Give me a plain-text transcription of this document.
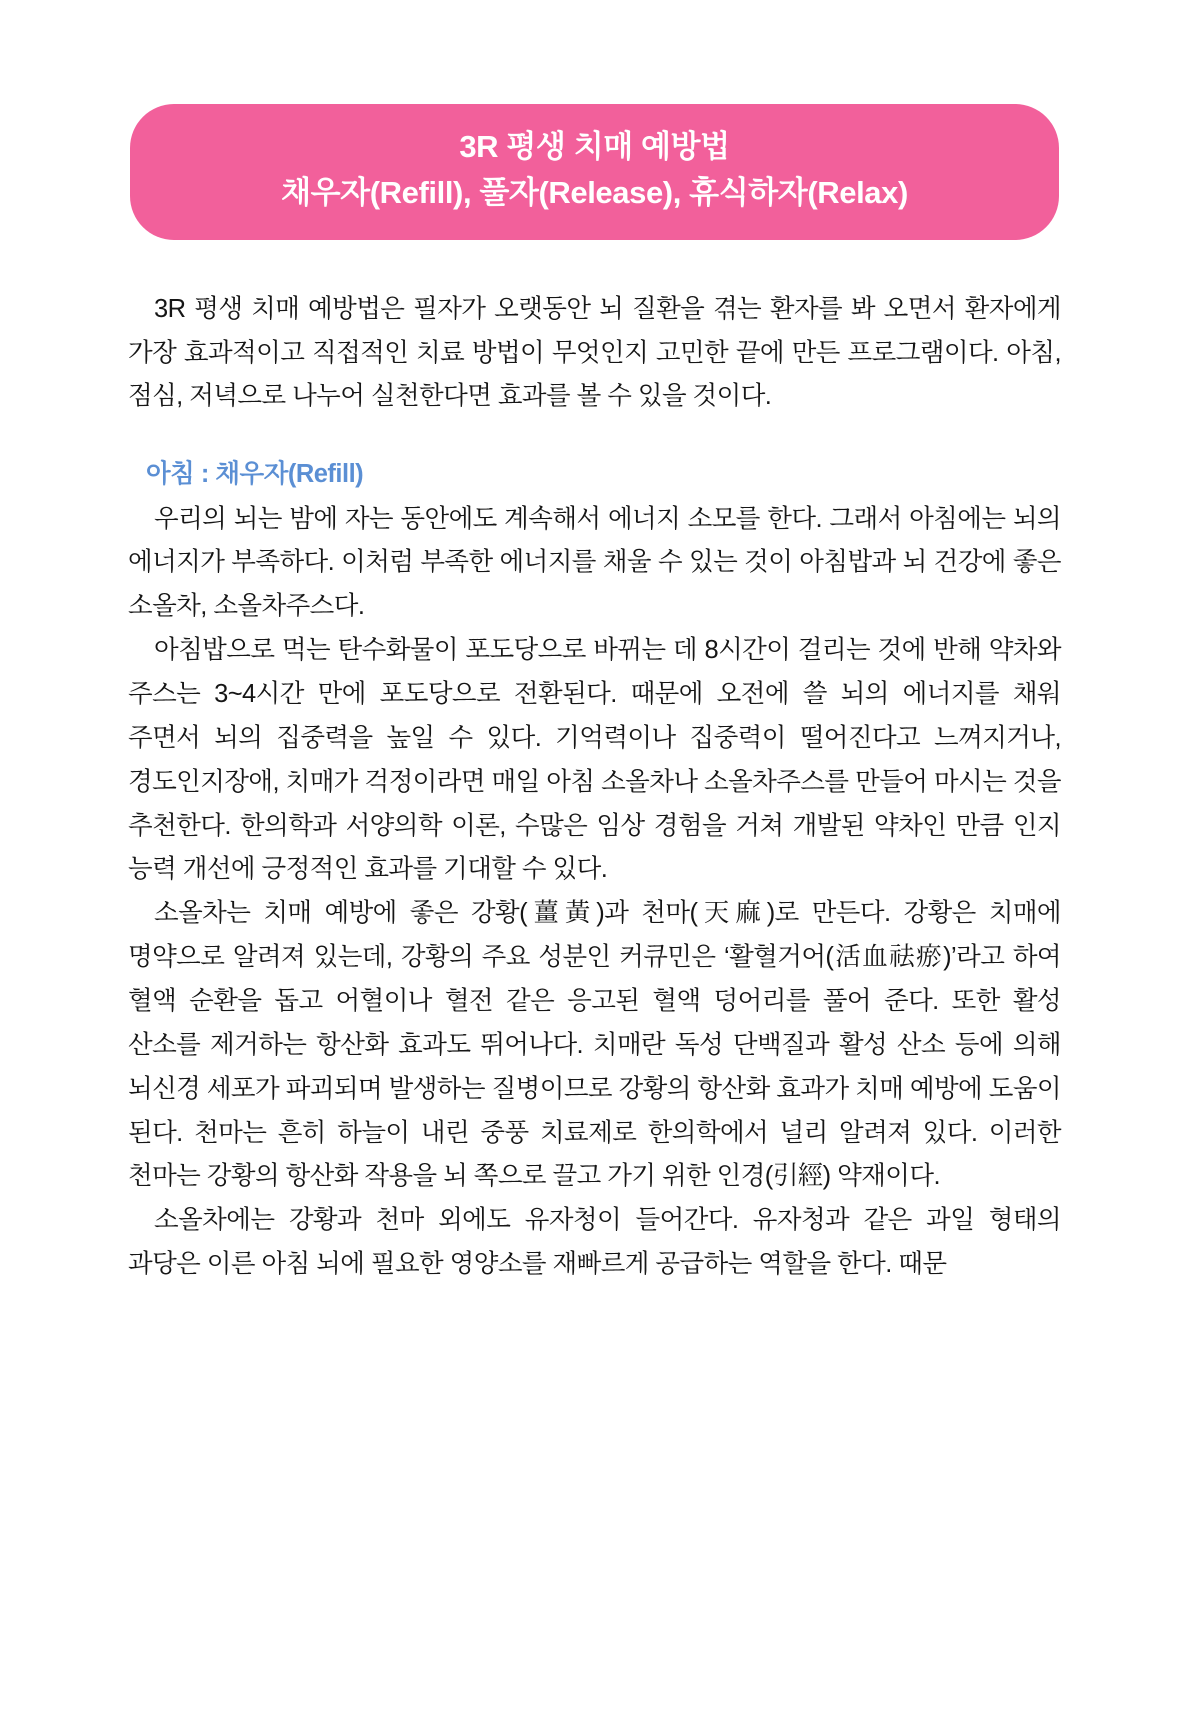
3R 평생 치매 예방법
채우자(Refill), 풀자(Release), 휴식하자(Relax)

3R 평생 치매 예방법은 필자가 오랫동안 뇌 질환을 겪는 환자를 봐 오면서 환자에게 가장 효과적이고 직접적인 치료 방법이 무엇인지 고민한 끝에 만든 프로그램이다. 아침, 점심, 저녁으로 나누어 실천한다면 효과를 볼 수 있을 것이다.

아침 : 채우자(Refill)

우리의 뇌는 밤에 자는 동안에도 계속해서 에너지 소모를 한다. 그래서 아침에는 뇌의 에너지가 부족하다. 이처럼 부족한 에너지를 채울 수 있는 것이 아침밥과 뇌 건강에 좋은 소올차, 소올차주스다.

아침밥으로 먹는 탄수화물이 포도당으로 바뀌는 데 8시간이 걸리는 것에 반해 약차와 주스는 3~4시간 만에 포도당으로 전환된다. 때문에 오전에 쓸 뇌의 에너지를 채워 주면서 뇌의 집중력을 높일 수 있다. 기억력이나 집중력이 떨어진다고 느껴지거나, 경도인지장애, 치매가 걱정이라면 매일 아침 소올차나 소올차주스를 만들어 마시는 것을 추천한다. 한의학과 서양의학 이론, 수많은 임상 경험을 거쳐 개발된 약차인 만큼 인지 능력 개선에 긍정적인 효과를 기대할 수 있다.

소올차는 치매 예방에 좋은 강황(薑黃)과 천마(天麻)로 만든다. 강황은 치매에 명약으로 알려져 있는데, 강황의 주요 성분인 커큐민은 ‘활혈거어(活血祛瘀)’라고 하여 혈액 순환을 돕고 어혈이나 혈전 같은 응고된 혈액 덩어리를 풀어 준다. 또한 활성 산소를 제거하는 항산화 효과도 뛰어나다. 치매란 독성 단백질과 활성 산소 등에 의해 뇌신경 세포가 파괴되며 발생하는 질병이므로 강황의 항산화 효과가 치매 예방에 도움이 된다. 천마는 흔히 하늘이 내린 중풍 치료제로 한의학에서 널리 알려져 있다. 이러한 천마는 강황의 항산화 작용을 뇌 쪽으로 끌고 가기 위한 인경(引經) 약재이다.

소올차에는 강황과 천마 외에도 유자청이 들어간다. 유자청과 같은 과일 형태의 과당은 이른 아침 뇌에 필요한 영양소를 재빠르게 공급하는 역할을 한다. 때문
